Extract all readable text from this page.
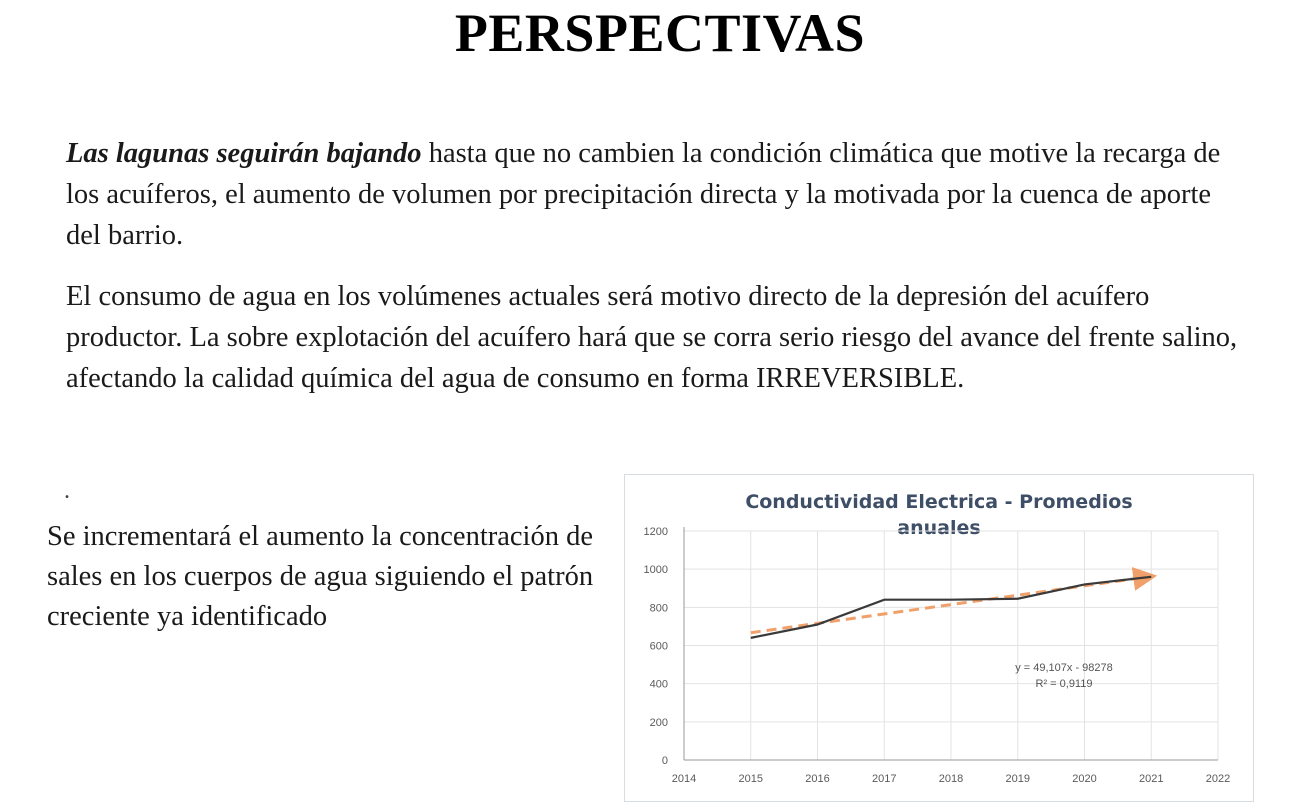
PERSPECTIVAS

Las lagunas seguirán bajando hasta que no cambien la condición climática que motive la recarga de los acuíferos, el aumento de volumen por precipitación directa y la motivada por la cuenca de aporte del barrio.

El consumo de agua en los volúmenes actuales será motivo directo de la depresión del acuífero productor. La sobre explotación del acuífero hará que se corra serio riesgo del avance del frente salino, afectando la calidad química del agua de consumo en forma IRREVERSIBLE.

.

Se incrementará el aumento la concentración de sales en los cuerpos de agua siguiendo el patrón creciente ya identificado

Conductividad Electrica - Promedios
anuales
0
200
400
600
800
1000
1200
2014	2015	2016	2017	2018	2019	2020	2021	2022
y = 49,107x - 98278
R² = 0,9119
